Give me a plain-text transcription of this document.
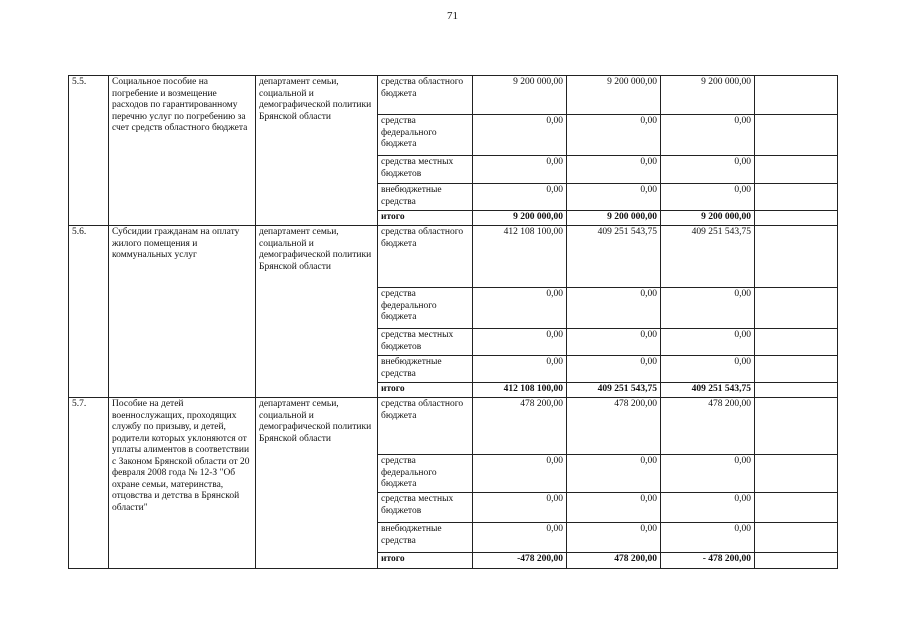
71
5.5.	Социальное пособие на погребение и возмещение расходов по гарантированному перечню услуг по погребению за счет средств областного бюджета	департамент семьи, социальной и демографической политики Брянской области	средства областного бюджета	9 200 000,00	9 200 000,00	9 200 000,00	
			средства федерального бюджета	0,00	0,00	0,00	
			средства местных бюджетов	0,00	0,00	0,00	
			внебюджетные средства	0,00	0,00	0,00	
			итого	9 200 000,00	9 200 000,00	9 200 000,00	
5.6.	Субсидии гражданам на оплату жилого помещения и коммунальных услуг	департамент семьи, социальной и демографической политики Брянской области	средства областного бюджета	412 108 100,00	409 251 543,75	409 251 543,75	
			средства федерального бюджета	0,00	0,00	0,00	
			средства местных бюджетов	0,00	0,00	0,00	
			внебюджетные средства	0,00	0,00	0,00	
			итого	412 108 100,00	409 251 543,75	409 251 543,75	
5.7.	Пособие на детей военнослужащих, проходящих службу по призыву, и детей, родители которых уклоняются от уплаты алиментов в соответствии с Законом Брянской области от 20 февраля 2008 года № 12-З "Об охране семьи, материнства, отцовства и детства в Брянской области"	департамент семьи, социальной и демографической политики Брянской области	средства областного бюджета	478 200,00	478 200,00	478 200,00	
			средства федерального бюджета	0,00	0,00	0,00	
			средства местных бюджетов	0,00	0,00	0,00	
			внебюджетные средства	0,00	0,00	0,00	
			итого	-478 200,00	478 200,00	- 478 200,00	
